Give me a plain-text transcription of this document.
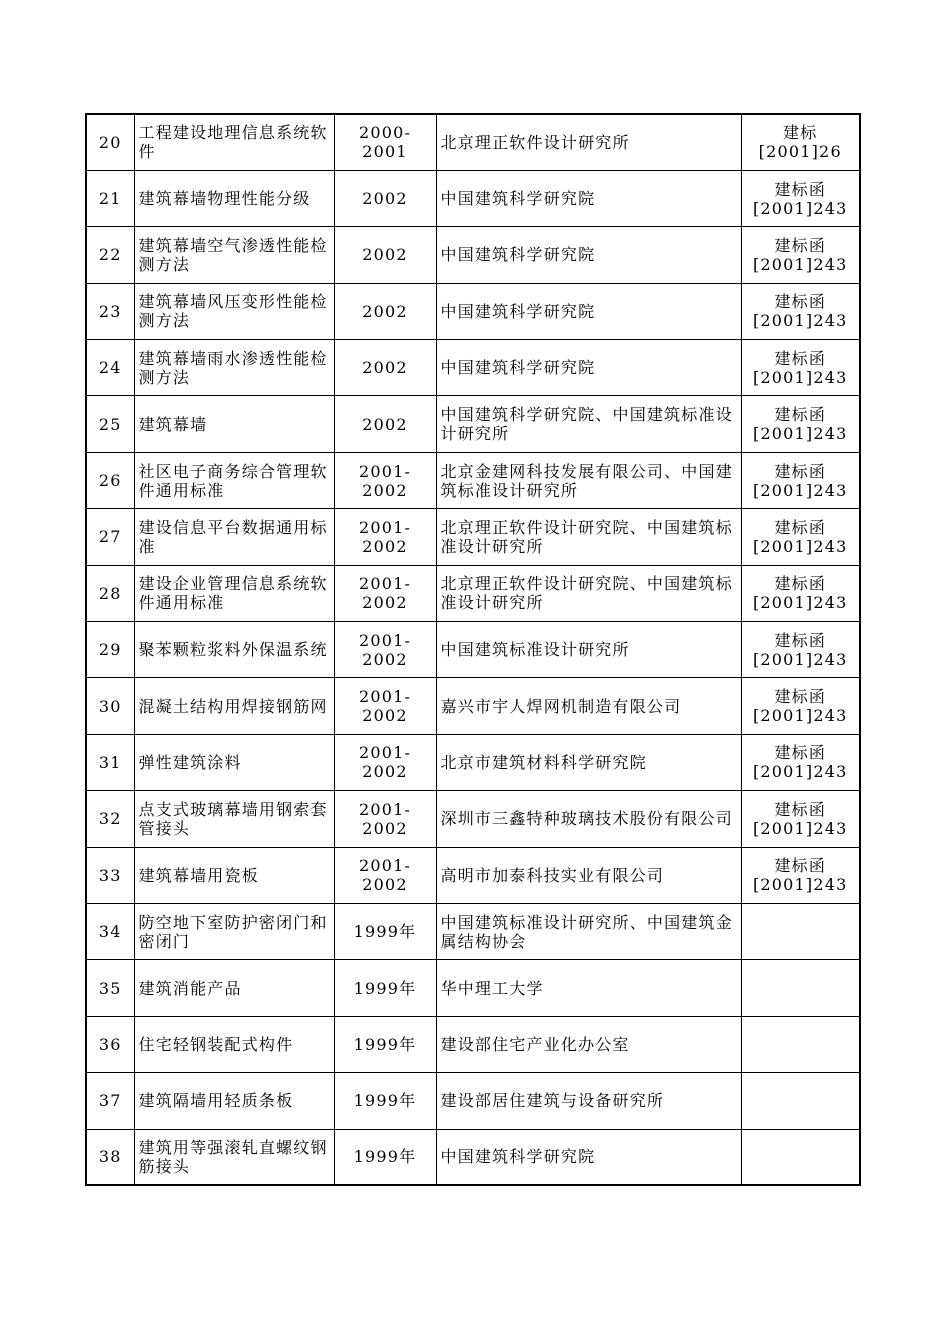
20	工程建设地理信息系统软件	2000-2001	北京理正软件设计研究所	建标
[2001]26

21	建筑幕墙物理性能分级	2002	中国建筑科学研究院	建标函
[2001]243

22	建筑幕墙空气渗透性能检测方法	2002	中国建筑科学研究院	建标函
[2001]243

23	建筑幕墙风压变形性能检测方法	2002	中国建筑科学研究院	建标函
[2001]243

24	建筑幕墙雨水渗透性能检测方法	2002	中国建筑科学研究院	建标函
[2001]243

25	建筑幕墙	2002	中国建筑科学研究院、中国建筑标准设计研究所	建标函
[2001]243

26	社区电子商务综合管理软件通用标准	2001-2002	北京金建网科技发展有限公司、中国建筑标准设计研究所	建标函
[2001]243

27	建设信息平台数据通用标准	2001-2002	北京理正软件设计研究院、中国建筑标准设计研究所	建标函
[2001]243

28	建设企业管理信息系统软件通用标准	2001-2002	北京理正软件设计研究院、中国建筑标准设计研究所	建标函
[2001]243

29	聚苯颗粒浆料外保温系统	2001-2002	中国建筑标准设计研究所	建标函
[2001]243

30	混凝土结构用焊接钢筋网	2001-2002	嘉兴市宇人焊网机制造有限公司	建标函
[2001]243

31	弹性建筑涂料	2001-2002	北京市建筑材料科学研究院	建标函
[2001]243

32	点支式玻璃幕墙用钢索套管接头	2001-2002	深圳市三鑫特种玻璃技术股份有限公司	建标函
[2001]243

33	建筑幕墙用瓷板	2001-2002	高明市加泰科技实业有限公司	建标函
[2001]243

34	防空地下室防护密闭门和密闭门	1999年	中国建筑标准设计研究所、中国建筑金属结构协会	

35	建筑消能产品	1999年	华中理工大学	

36	住宅轻钢装配式构件	1999年	建设部住宅产业化办公室	

37	建筑隔墙用轻质条板	1999年	建设部居住建筑与设备研究所	

38	建筑用等强滚轧直螺纹钢筋接头	1999年	中国建筑科学研究院	
